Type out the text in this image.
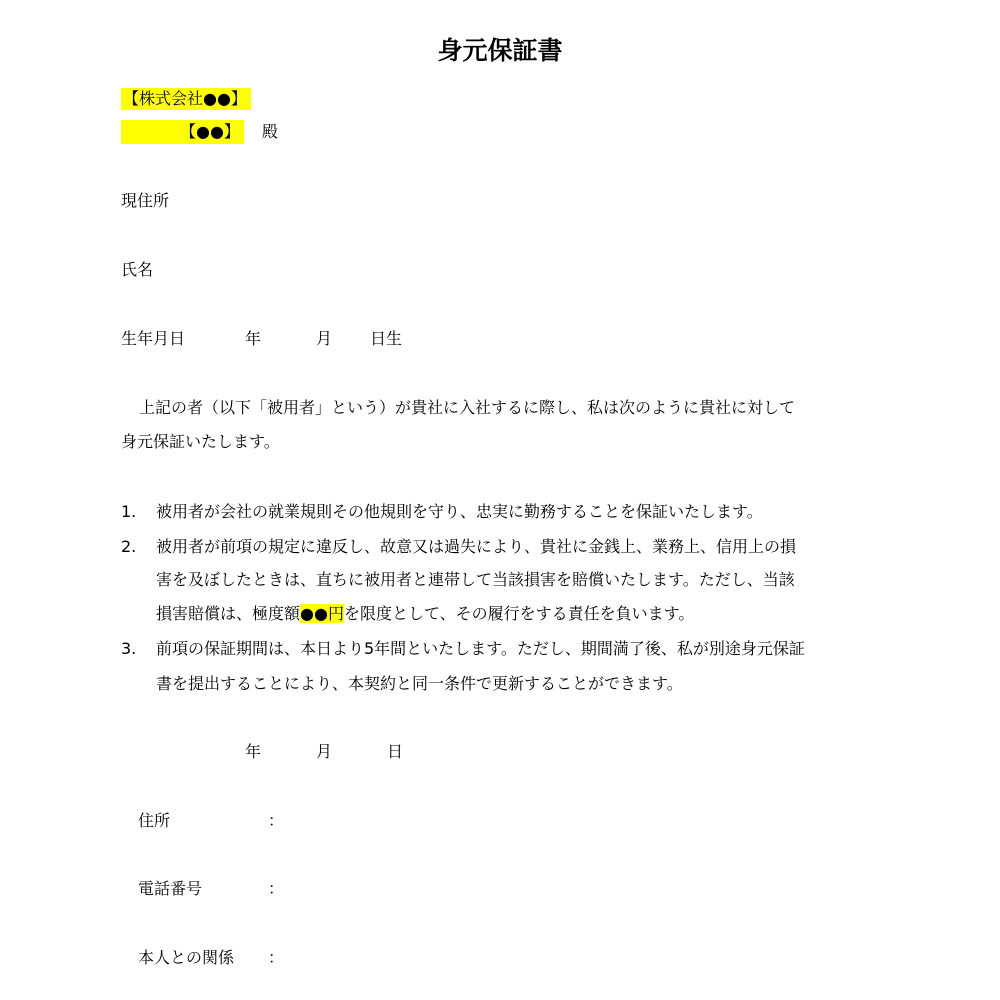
身元保証書
【株式会社●●】
【●●】 殿
現住所
氏名
生年月日	年	月 日生
上記の者（以下「被用者」という）が貴社に入社するに際し、私は次のように貴社に対して
身元保証いたします。
1. 被用者が会社の就業規則その他規則を守り、忠実に勤務することを保証いたします。
2. 被用者が前項の規定に違反し、故意又は過失により、貴社に金銭上、業務上、信用上の損
害を及ぼしたときは、直ちに被用者と連帯して当該損害を賠償いたします。ただし、当該
損害賠償は、極度額●●円を限度として、その履行をする責任を負います。
3. 前項の保証期間は、本日より5年間といたします。ただし、期間満了後、私が別途身元保証
書を提出することにより、本契約と同一条件で更新することができます。
年	月	日
住所	：
電話番号	：
本人との関係 ：
